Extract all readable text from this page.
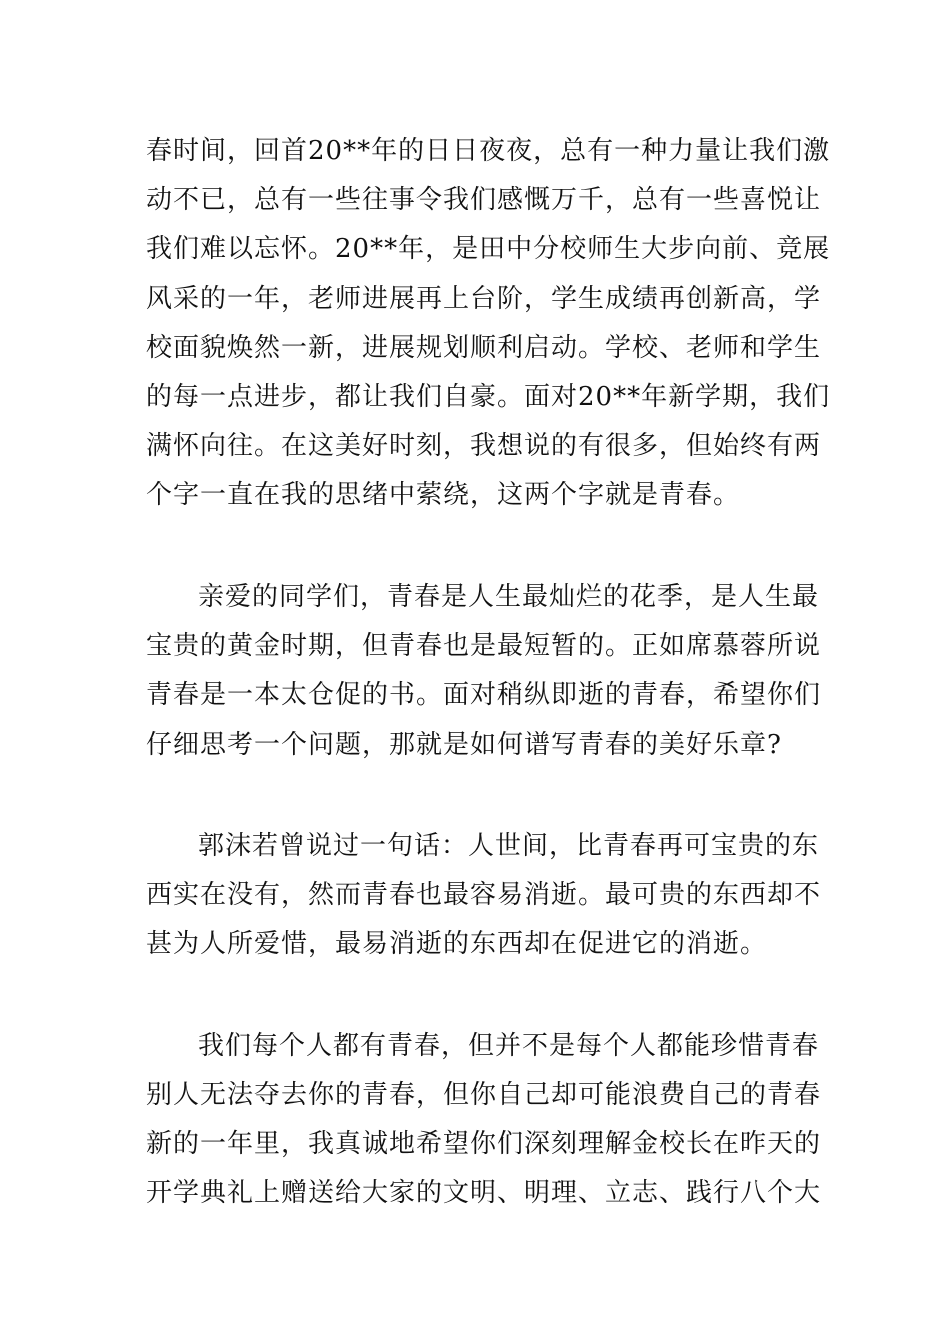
春时间，回首20**年的日日夜夜，总有一种力量让我们激
动不已，总有一些往事令我们感慨万千，总有一些喜悦让
我们难以忘怀。20**年，是田中分校师生大步向前、竞展
风采的一年，老师进展再上台阶，学生成绩再创新高，学
校面貌焕然一新，进展规划顺利启动。学校、老师和学生
的每一点进步，都让我们自豪。面对20**年新学期，我们
满怀向往。在这美好时刻，我想说的有很多，但始终有两
个字一直在我的思绪中萦绕，这两个字就是青春。
亲爱的同学们，青春是人生最灿烂的花季，是人生最
宝贵的黄金时期，但青春也是最短暂的。正如席慕蓉所说
青春是一本太仓促的书。面对稍纵即逝的青春，希望你们
仔细思考一个问题，那就是如何谱写青春的美好乐章?
郭沫若曾说过一句话：人世间，比青春再可宝贵的东
西实在没有，然而青春也最容易消逝。最可贵的东西却不
甚为人所爱惜，最易消逝的东西却在促进它的消逝。
我们每个人都有青春，但并不是每个人都能珍惜青春
别人无法夺去你的青春，但你自己却可能浪费自己的青春
新的一年里，我真诚地希望你们深刻理解金校长在昨天的
开学典礼上赠送给大家的文明、明理、立志、践行八个大
